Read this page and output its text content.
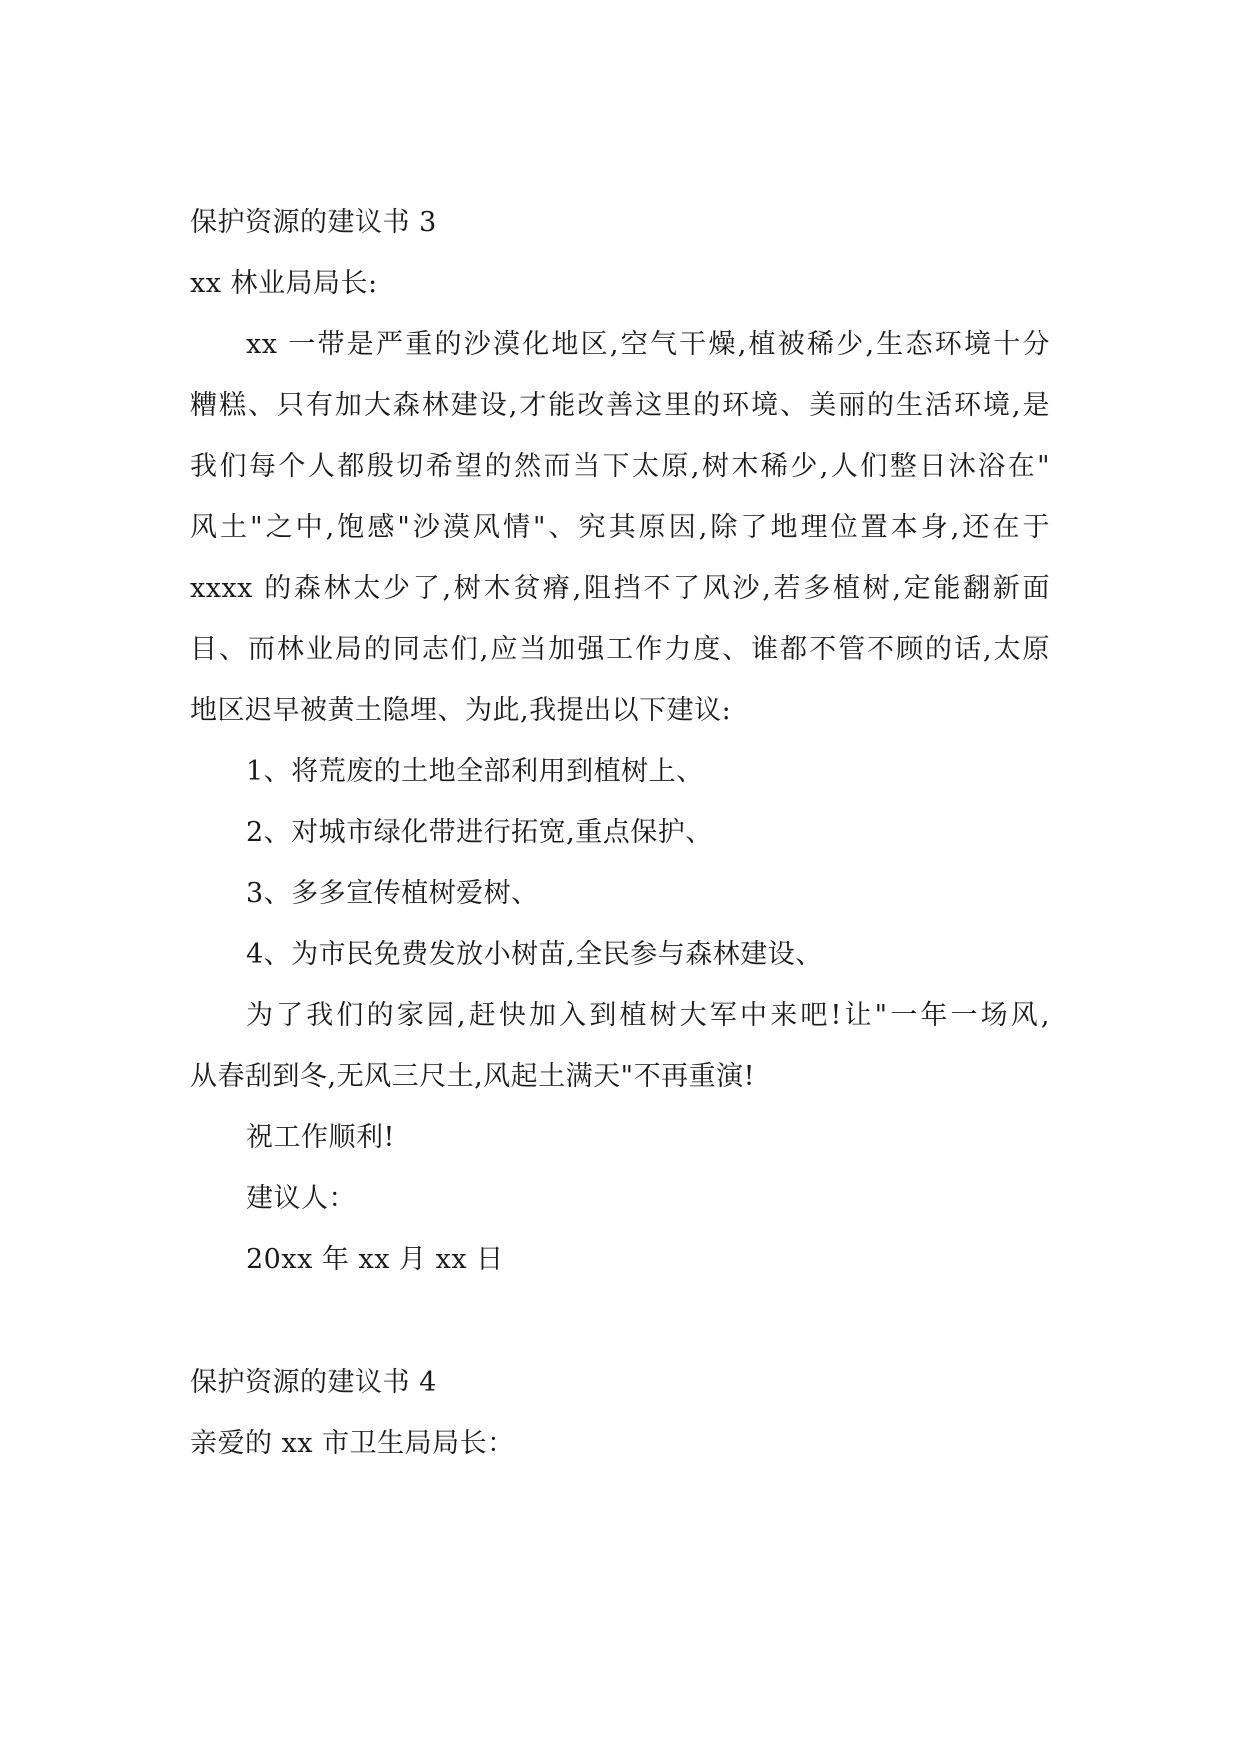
保护资源的建议书 3
xx 林业局局长:
xx 一带是严重的沙漠化地区,空气干燥,植被稀少,生态环境十分
糟糕、只有加大森林建设,才能改善这里的环境、美丽的生活环境,是
我们每个人都殷切希望的然而当下太原,树木稀少,人们整日沐浴在"
风土"之中,饱感"沙漠风情"、究其原因,除了地理位置本身,还在于
xxxx 的森林太少了,树木贫瘠,阻挡不了风沙,若多植树,定能翻新面
目、而林业局的同志们,应当加强工作力度、谁都不管不顾的话,太原
地区迟早被黄土隐埋、为此,我提出以下建议:
1、将荒废的土地全部利用到植树上、
2、对城市绿化带进行拓宽,重点保护、
3、多多宣传植树爱树、
4、为市民免费发放小树苗,全民参与森林建设、
为了我们的家园,赶快加入到植树大军中来吧!让"一年一场风,
从春刮到冬,无风三尺土,风起土满天"不再重演!
祝工作顺利!
建议人：
20xx 年 xx 月 xx 日
保护资源的建议书 4
亲爱的 xx 市卫生局局长：
